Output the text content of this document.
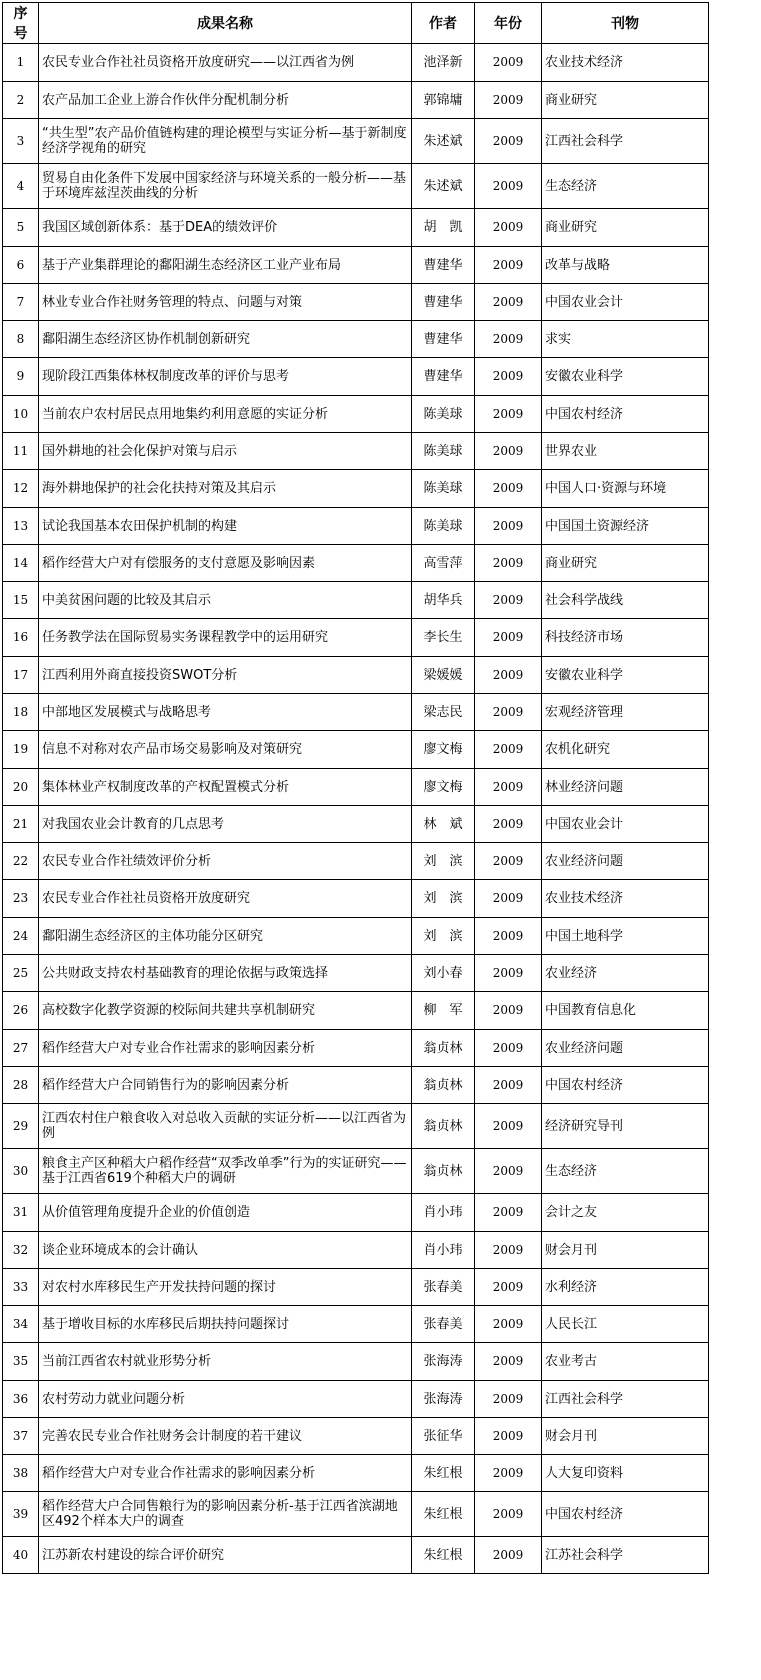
序号	成果名称	作者	年份	刊物
1	农民专业合作社社员资格开放度研究——以江西省为例	池泽新	2009	农业技术经济
2	农产品加工企业上游合作伙伴分配机制分析	郭锦墉	2009	商业研究
3	“共生型”农产品价值链构建的理论模型与实证分析—基于新制度经济学视角的研究	朱述斌	2009	江西社会科学
4	贸易自由化条件下发展中国家经济与环境关系的一般分析——基于环境库兹涅茨曲线的分析	朱述斌	2009	生态经济
5	我国区域创新体系：基于DEA的绩效评价	胡　凯	2009	商业研究
6	基于产业集群理论的鄱阳湖生态经济区工业产业布局	曹建华	2009	改革与战略
7	林业专业合作社财务管理的特点、问题与对策	曹建华	2009	中国农业会计
8	鄱阳湖生态经济区协作机制创新研究	曹建华	2009	求实
9	现阶段江西集体林权制度改革的评价与思考	曹建华	2009	安徽农业科学
10	当前农户农村居民点用地集约利用意愿的实证分析	陈美球	2009	中国农村经济
11	国外耕地的社会化保护对策与启示	陈美球	2009	世界农业
12	海外耕地保护的社会化扶持对策及其启示	陈美球	2009	中国人口·资源与环境
13	试论我国基本农田保护机制的构建	陈美球	2009	中国国土资源经济
14	稻作经营大户对有偿服务的支付意愿及影响因素	高雪萍	2009	商业研究
15	中美贫困问题的比较及其启示	胡华兵	2009	社会科学战线
16	任务教学法在国际贸易实务课程教学中的运用研究	李长生	2009	科技经济市场
17	江西利用外商直接投资SWOT分析	梁媛媛	2009	安徽农业科学
18	中部地区发展模式与战略思考	梁志民	2009	宏观经济管理
19	信息不对称对农产品市场交易影响及对策研究	廖文梅	2009	农机化研究
20	集体林业产权制度改革的产权配置模式分析	廖文梅	2009	林业经济问题
21	对我国农业会计教育的几点思考	林　斌	2009	中国农业会计
22	农民专业合作社绩效评价分析	刘　滨	2009	农业经济问题
23	农民专业合作社社员资格开放度研究	刘　滨	2009	农业技术经济
24	鄱阳湖生态经济区的主体功能分区研究	刘　滨	2009	中国土地科学
25	公共财政支持农村基础教育的理论依据与政策选择	刘小春	2009	农业经济
26	高校数字化教学资源的校际间共建共享机制研究	柳　军	2009	中国教育信息化
27	稻作经营大户对专业合作社需求的影响因素分析	翁贞林	2009	农业经济问题
28	稻作经营大户合同销售行为的影响因素分析	翁贞林	2009	中国农村经济
29	江西农村住户粮食收入对总收入贡献的实证分析——以江西省为例	翁贞林	2009	经济研究导刊
30	粮食主产区种稻大户稻作经营“双季改单季”行为的实证研究——基于江西省619个种稻大户的调研	翁贞林	2009	生态经济
31	从价值管理角度提升企业的价值创造	肖小玮	2009	会计之友
32	谈企业环境成本的会计确认	肖小玮	2009	财会月刊
33	对农村水库移民生产开发扶持问题的探讨	张春美	2009	水利经济
34	基于增收目标的水库移民后期扶持问题探讨	张春美	2009	人民长江
35	当前江西省农村就业形势分析	张海涛	2009	农业考古
36	农村劳动力就业问题分析	张海涛	2009	江西社会科学
37	完善农民专业合作社财务会计制度的若干建议	张征华	2009	财会月刊
38	稻作经营大户对专业合作社需求的影响因素分析	朱红根	2009	人大复印资料
39	稻作经营大户合同售粮行为的影响因素分析-基于江西省滨湖地区492个样本大户的调查	朱红根	2009	中国农村经济
40	江苏新农村建设的综合评价研究	朱红根	2009	江苏社会科学
